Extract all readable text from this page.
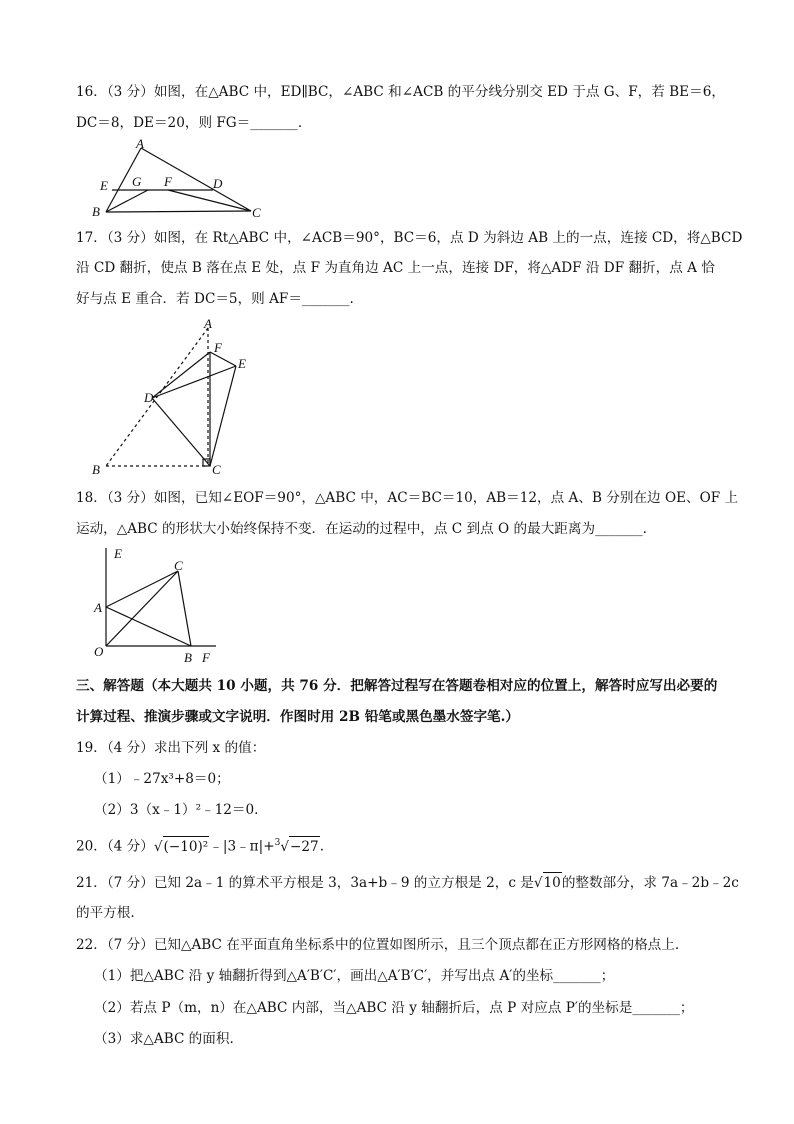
16．（3 分）如图，在△ABC 中，ED∥BC，∠ABC 和∠ACB 的平分线分别交 ED 于点 G、F，若 BE＝6，
DC＝8，DE＝20，则 FG＝_______.
A
E G F	D
B	C
17．（3 分）如图，在 Rt△ABC 中，∠ACB＝90°，BC＝6，点 D 为斜边 AB 上的一点，连接 CD，将△BCD
沿 CD 翻折，使点 B 落在点 E 处，点 F 为直角边 AC 上一点，连接 DF，将△ADF 沿 DF 翻折，点 A 恰
好与点 E 重合．若 DC＝5，则 AF＝_______.
A
F
E
D
B	C
18．（3 分）如图，已知∠EOF＝90°，△ABC 中，AC＝BC＝10，AB＝12，点 A、B 分别在边 OE、OF 上
运动，△ABC 的形状大小始终保持不变．在运动的过程中，点 C 到点 O 的最大距离为_______.
E
C
A
O	B F
三、解答题（本大题共 10 小题，共 76 分．把解答过程写在答题卷相对应的位置上，解答时应写出必要的
计算过程、推演步骤或文字说明．作图时用 2B 铅笔或黑色墨水签字笔.）
19．（4 分）求出下列 x 的值：
（1）﹣27x³+8＝0；
（2）3（x﹣1）²﹣12＝0.
20．（4 分）√(−10)²﹣|3﹣π|+$^3$√−27.
21．（7 分）已知 2a﹣1 的算术平方根是 3，3a+b﹣9 的立方根是 2，c 是√10的整数部分，求 7a﹣2b﹣2c
的平方根.
22．（7 分）已知△ABC 在平面直角坐标系中的位置如图所示，且三个顶点都在正方形网格的格点上.
（1）把△ABC 沿 y 轴翻折得到△A′B′C′，画出△A′B′C′，并写出点 A′的坐标_______；
（2）若点 P（m，n）在△ABC 内部，当△ABC 沿 y 轴翻折后，点 P 对应点 P′的坐标是_______；
（3）求△ABC 的面积.
